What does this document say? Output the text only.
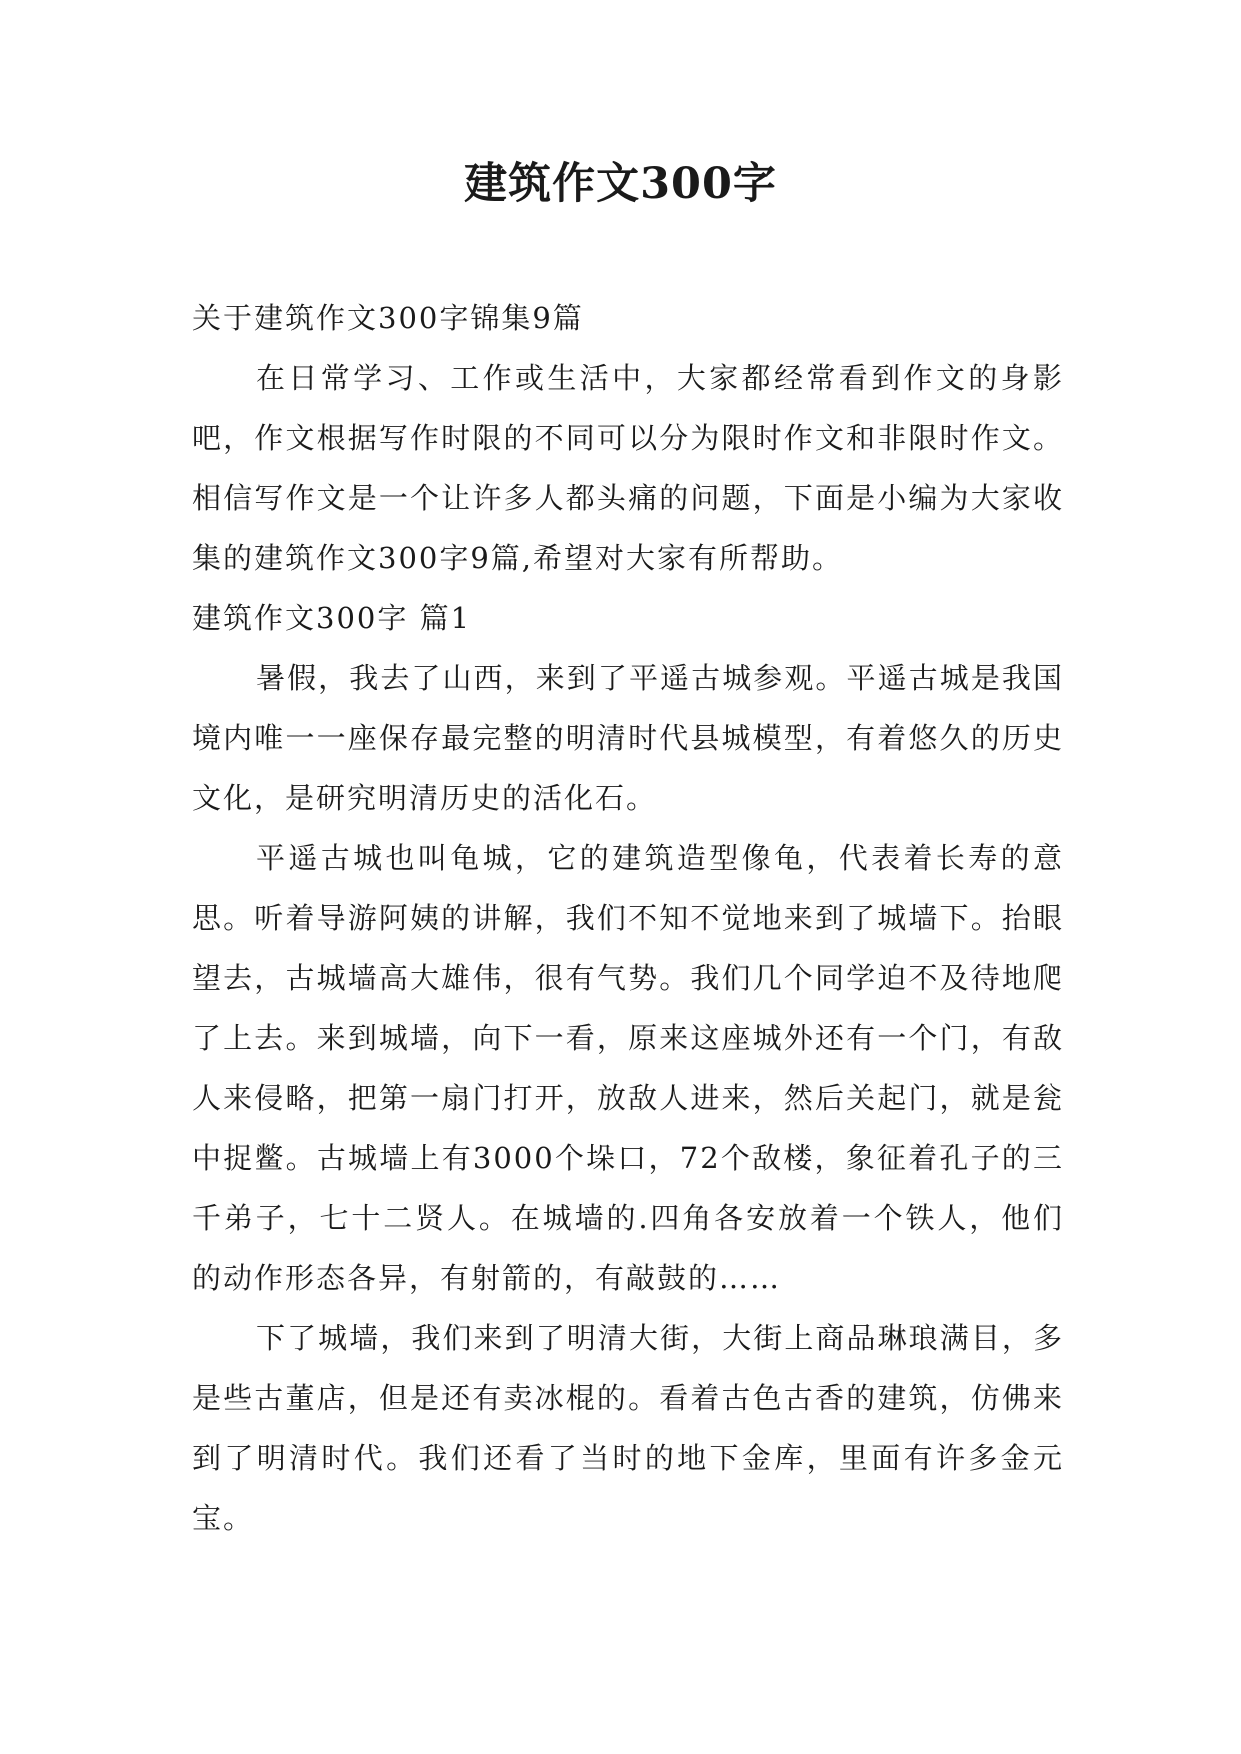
建筑作文300字

关于建筑作文300字锦集9篇

在日常学习、工作或生活中，大家都经常看到作文的身影吧，作文根据写作时限的不同可以分为限时作文和非限时作文。相信写作文是一个让许多人都头痛的问题，下面是小编为大家收集的建筑作文300字9篇,希望对大家有所帮助。

建筑作文300字 篇1

暑假，我去了山西，来到了平遥古城参观。平遥古城是我国境内唯一一座保存最完整的明清时代县城模型，有着悠久的历史文化，是研究明清历史的活化石。

平遥古城也叫龟城，它的建筑造型像龟，代表着长寿的意思。听着导游阿姨的讲解，我们不知不觉地来到了城墙下。抬眼望去，古城墙高大雄伟，很有气势。我们几个同学迫不及待地爬了上去。来到城墙，向下一看，原来这座城外还有一个门，有敌人来侵略，把第一扇门打开，放敌人进来，然后关起门，就是瓮中捉鳖。古城墙上有3000个垛口，72个敌楼，象征着孔子的三千弟子，七十二贤人。在城墙的.四角各安放着一个铁人，他们的动作形态各异，有射箭的，有敲鼓的……

下了城墙，我们来到了明清大街，大街上商品琳琅满目，多是些古董店，但是还有卖冰棍的。看着古色古香的建筑，仿佛来到了明清时代。我们还看了当时的地下金库，里面有许多金元宝。
